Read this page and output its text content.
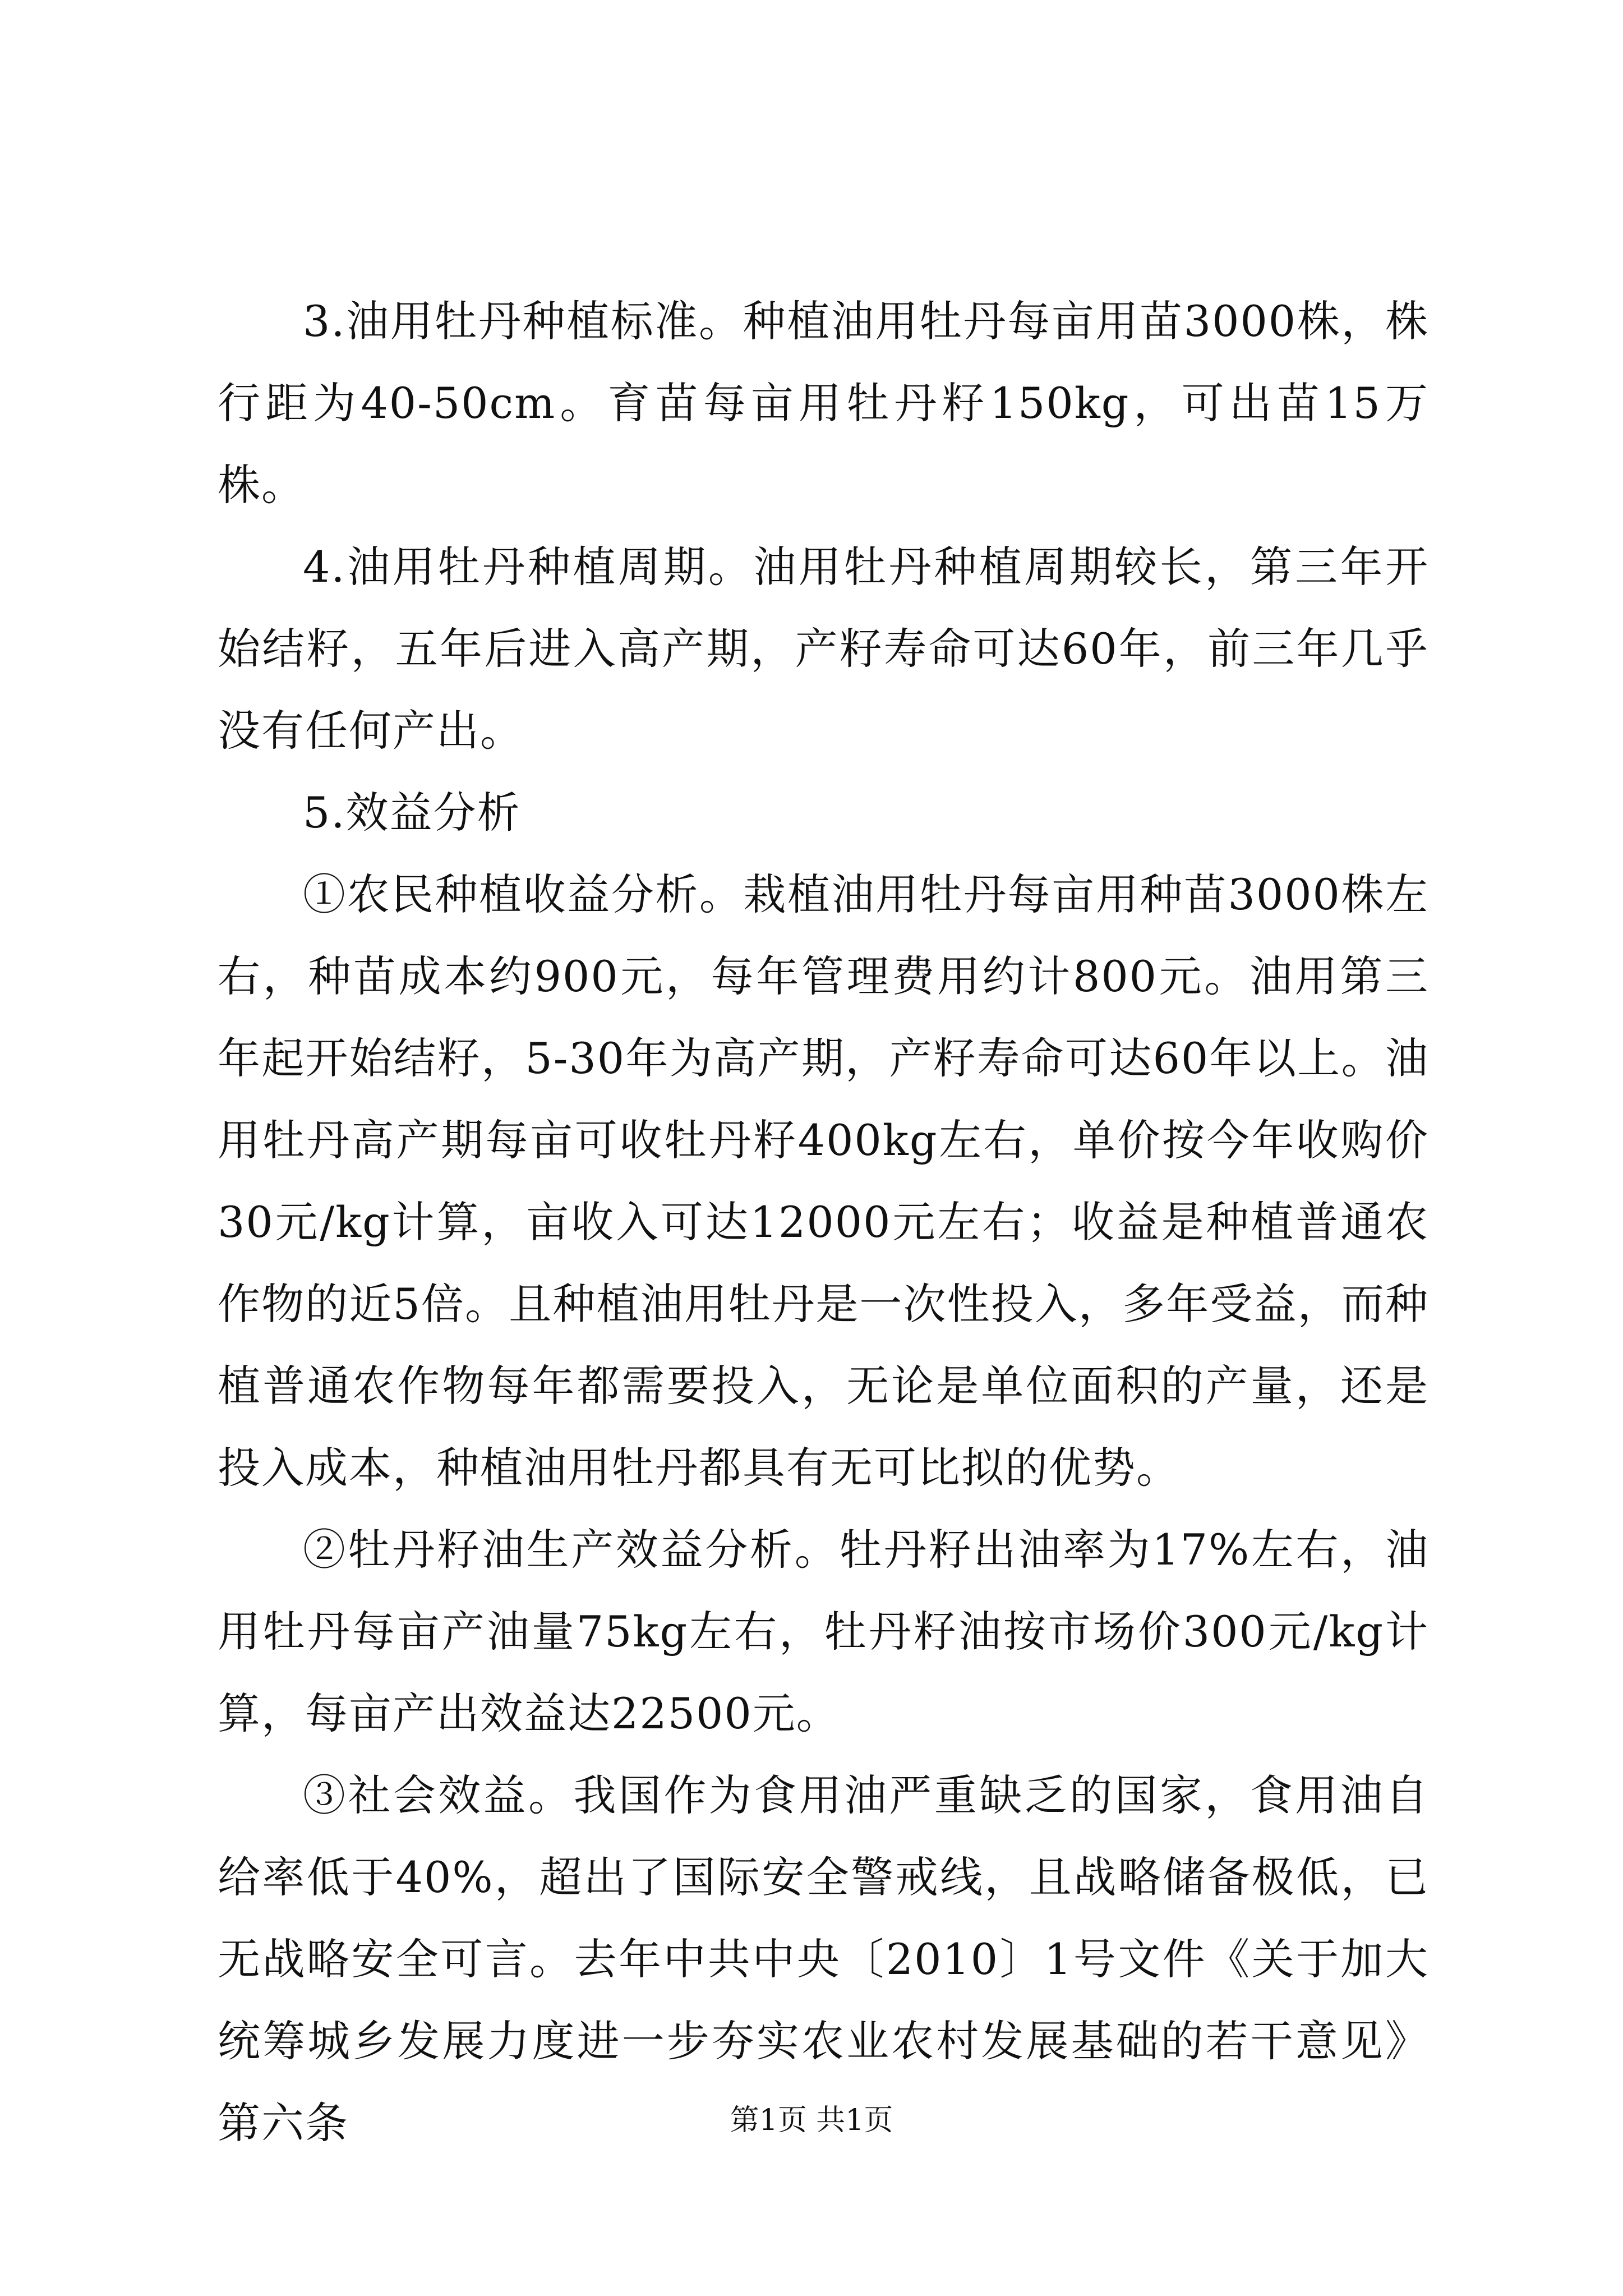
3.油用牡丹种植标准。种植油用牡丹每亩用苗3000株，株行距为40-50cm。育苗每亩用牡丹籽150kg，可出苗15万株。

4.油用牡丹种植周期。油用牡丹种植周期较长，第三年开始结籽，五年后进入高产期，产籽寿命可达60年，前三年几乎没有任何产出。

5.效益分析

①农民种植收益分析。栽植油用牡丹每亩用种苗3000株左右，种苗成本约900元，每年管理费用约计800元。油用第三年起开始结籽，5-30年为高产期，产籽寿命可达60年以上。油用牡丹高产期每亩可收牡丹籽400kg左右，单价按今年收购价30元/kg计算，亩收入可达12000元左右；收益是种植普通农作物的近5倍。且种植油用牡丹是一次性投入，多年受益，而种植普通农作物每年都需要投入，无论是单位面积的产量，还是投入成本，种植油用牡丹都具有无可比拟的优势。

②牡丹籽油生产效益分析。牡丹籽出油率为17%左右，油用牡丹每亩产油量75kg左右，牡丹籽油按市场价300元/kg计算，每亩产出效益达22500元。

③社会效益。我国作为食用油严重缺乏的国家，食用油自给率低于40%，超出了国际安全警戒线，且战略储备极低，已无战略安全可言。去年中共中央〔2010〕1号文件《关于加大统筹城乡发展力度进一步夯实农业农村发展基础的若干意见》第六条	第1页 共1页
